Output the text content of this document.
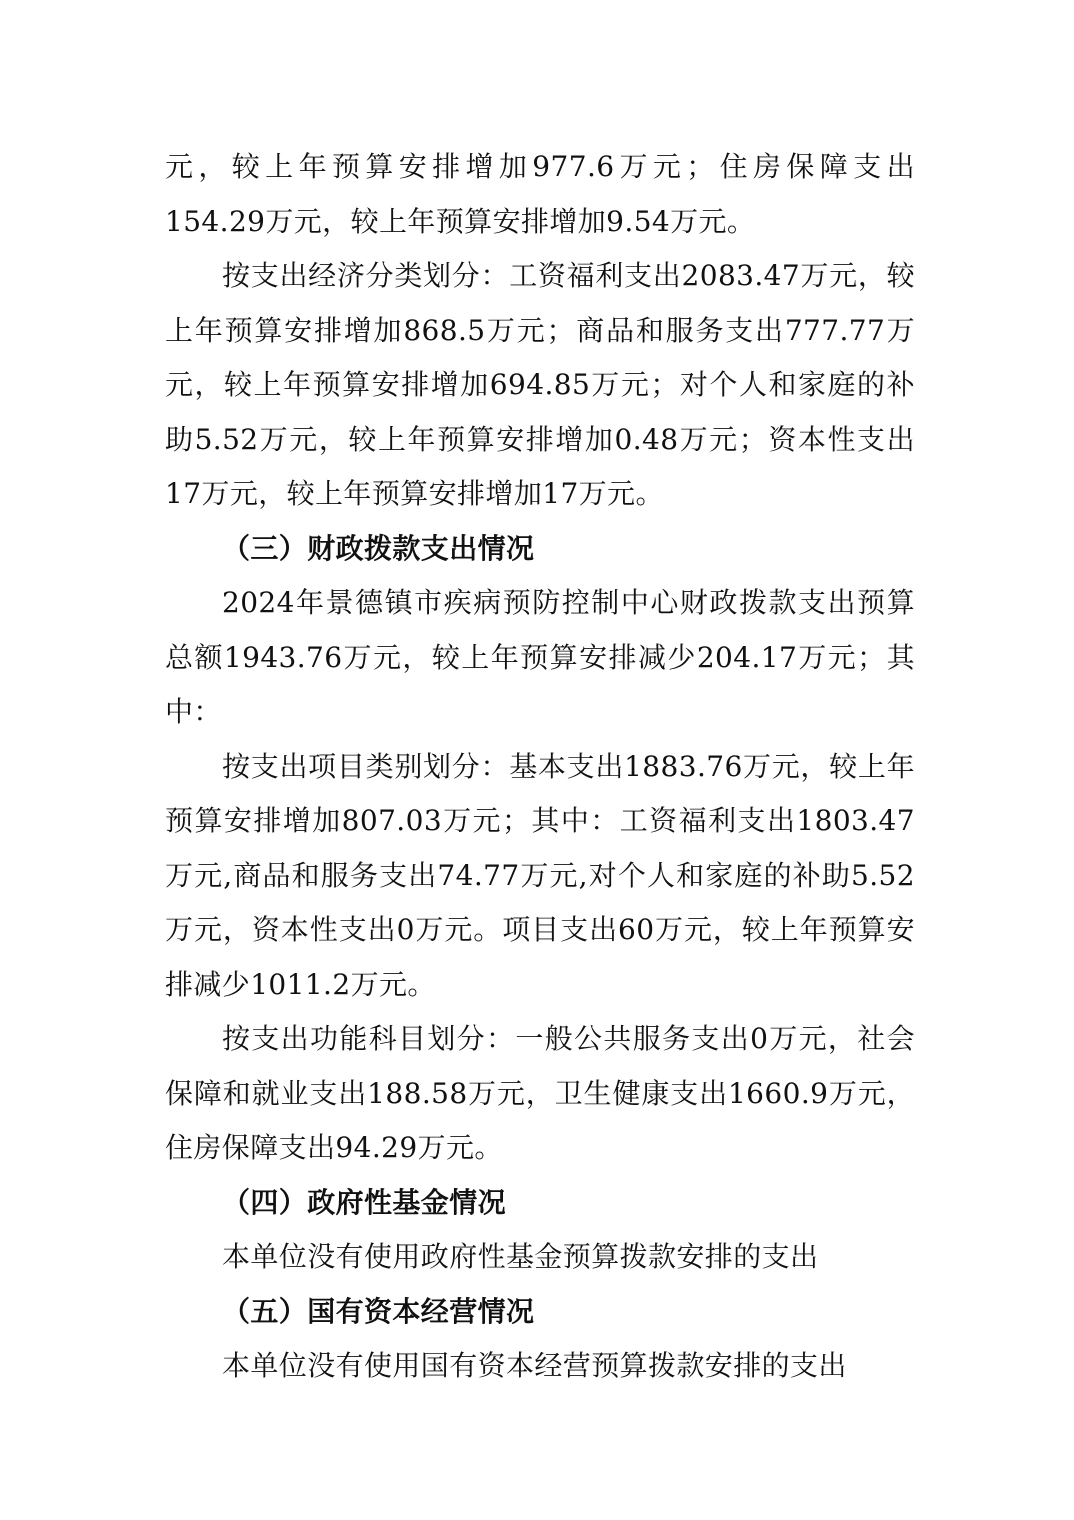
元，较上年预算安排增加977.6万元；住房保障支出154.29万元，较上年预算安排增加9.54万元。

按支出经济分类划分：工资福利支出2083.47万元，较上年预算安排增加868.5万元；商品和服务支出777.77万元，较上年预算安排增加694.85万元；对个人和家庭的补助5.52万元，较上年预算安排增加0.48万元；资本性支出17万元，较上年预算安排增加17万元。

（三）财政拨款支出情况

2024年景德镇市疾病预防控制中心财政拨款支出预算总额1943.76万元，较上年预算安排减少204.17万元；其中：

按支出项目类别划分：基本支出1883.76万元，较上年预算安排增加807.03万元；其中：工资福利支出1803.47万元,商品和服务支出74.77万元,对个人和家庭的补助5.52万元，资本性支出0万元。项目支出60万元，较上年预算安排减少1011.2万元。

按支出功能科目划分：一般公共服务支出0万元，社会保障和就业支出188.58万元，卫生健康支出1660.9万元，住房保障支出94.29万元。

（四）政府性基金情况

本单位没有使用政府性基金预算拨款安排的支出

（五）国有资本经营情况

本单位没有使用国有资本经营预算拨款安排的支出
